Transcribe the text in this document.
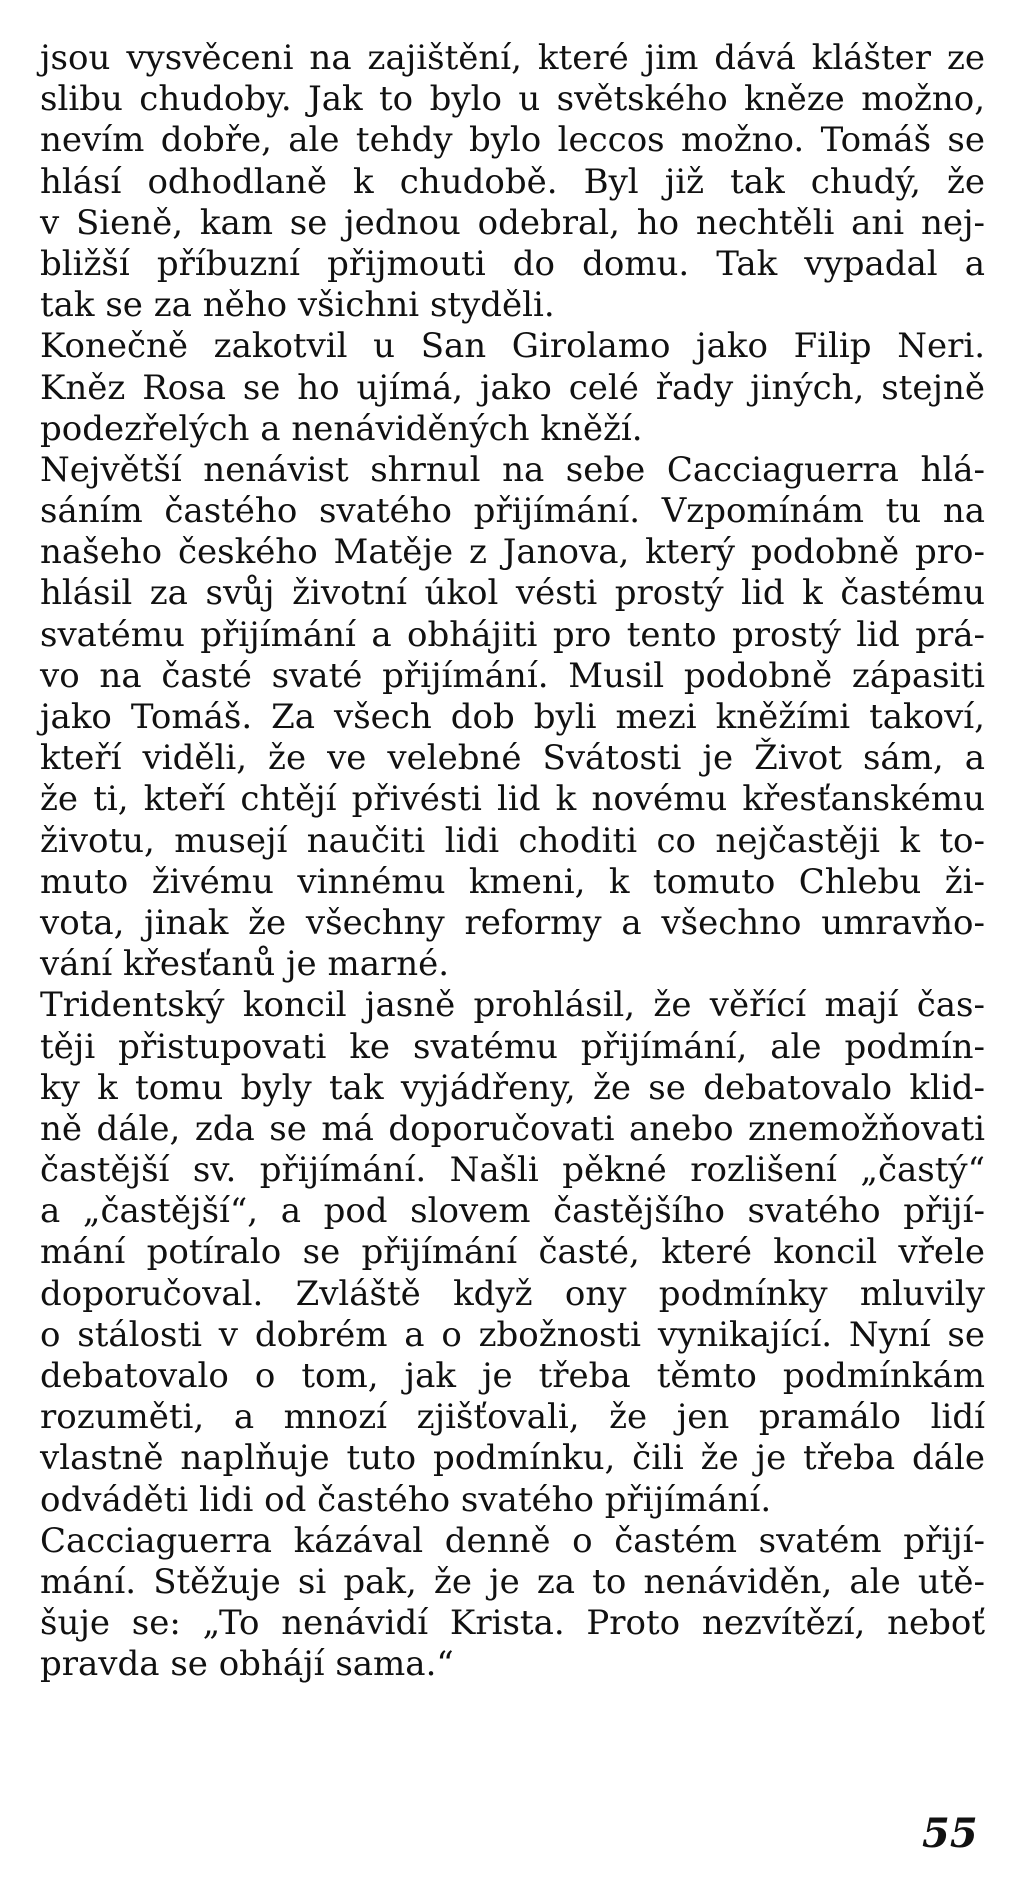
jsou vysvěceni na zajištění, které jim dává klášter ze
slibu chudoby. Jak to bylo u světského kněze možno,
nevím dobře, ale tehdy bylo leccos možno. Tomáš se
hlásí odhodlaně k chudobě. Byl již tak chudý, že
v Sieně, kam se jednou odebral, ho nechtěli ani nej-
bližší příbuzní přijmouti do domu. Tak vypadal a
tak se za něho všichni styděli.
Konečně zakotvil u San Girolamo jako Filip Neri.
Kněz Rosa se ho ujímá, jako celé řady jiných, stejně
podezřelých a nenáviděných kněží.
Největší nenávist shrnul na sebe Cacciaguerra hlá-
sáním častého svatého přijímání. Vzpomínám tu na
našeho českého Matěje z Janova, který podobně pro-
hlásil za svůj životní úkol vésti prostý lid k častému
svatému přijímání a obhájiti pro tento prostý lid prá-
vo na časté svaté přijímání. Musil podobně zápasiti
jako Tomáš. Za všech dob byli mezi kněžími takoví,
kteří viděli, že ve velebné Svátosti je Život sám, a
že ti, kteří chtějí přivésti lid k novému křesťanskému
životu, musejí naučiti lidi choditi co nejčastěji k to-
muto živému vinnému kmeni, k tomuto Chlebu ži-
vota, jinak že všechny reformy a všechno umravňo-
vání křesťanů je marné.
Tridentský koncil jasně prohlásil, že věřící mají čas-
těji přistupovati ke svatému přijímání, ale podmín-
ky k tomu byly tak vyjádřeny, že se debatovalo klid-
ně dále, zda se má doporučovati anebo znemožňovati
častější sv. přijímání. Našli pěkné rozlišení „častý“
a „častější“, a pod slovem častějšího svatého přijí-
mání potíralo se přijímání časté, které koncil vřele
doporučoval. Zvláště když ony podmínky mluvily
o stálosti v dobrém a o zbožnosti vynikající. Nyní se
debatovalo o tom, jak je třeba těmto podmínkám
rozuměti, a mnozí zjišťovali, že jen pramálo lidí
vlastně naplňuje tuto podmínku, čili že je třeba dále
odváděti lidi od častého svatého přijímání.
Cacciaguerra kázával denně o častém svatém přijí-
mání. Stěžuje si pak, že je za to nenáviděn, ale utě-
šuje se: „To nenávidí Krista. Proto nezvítězí, neboť
pravda se obhájí sama.“
55
